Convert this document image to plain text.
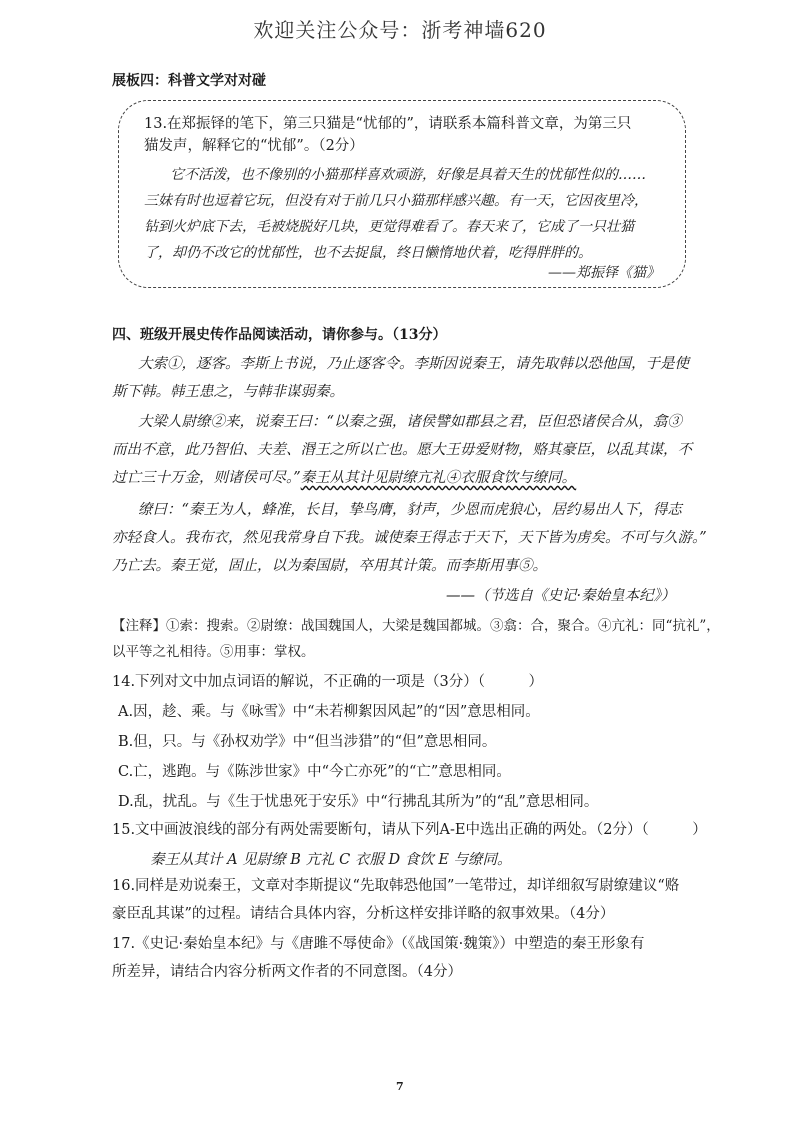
欢迎关注公众号：浙考神墙620
展板四：科普文学对对碰
13.在郑振铎的笔下，第三只猫是“忧郁的”，请联系本篇科普文章，为第三只
猫发声，解释它的“忧郁”。（2分）
它不活泼，也不像别的小猫那样喜欢顽游，好像是具着天生的忧郁性似的……
三妹有时也逗着它玩，但没有对于前几只小猫那样感兴趣。有一天，它因夜里冷，
钻到火炉底下去，毛被烧脱好几块，更觉得难看了。春天来了，它成了一只壮猫
了，却仍不改它的忧郁性，也不去捉鼠，终日懒惰地伏着，吃得胖胖的。
——郑振铎《猫》
四、班级开展史传作品阅读活动，请你参与。（13分）
大索①，逐客。李斯上书说，乃止逐客令。李斯因说秦王，请先取韩以恐他国，于是使
斯下韩。韩王患之，与韩非谋弱秦。
大梁人尉缭②来，说秦王曰：“以秦之强，诸侯譬如郡县之君，臣但恐诸侯合从，翕③
而出不意，此乃智伯、夫差、湣王之所以亡也。愿大王毋爱财物，赂其豪臣，以乱其谋，不
过亡三十万金，则诸侯可尽。”秦王从其计见尉缭亢礼④衣服食饮与缭同。
缭曰：“秦王为人，蜂准，长目，挚鸟膺，豺声，少恩而虎狼心，居约易出人下，得志
亦轻食人。我布衣，然见我常身自下我。诚使秦王得志于天下，天下皆为虏矣。不可与久游。”
乃亡去。秦王觉，固止，以为秦国尉，卒用其计策。而李斯用事⑤。
——（节选自《史记·秦始皇本纪》）
【注释】①索：搜索。②尉缭：战国魏国人，大梁是魏国都城。③翕：合，聚合。④亢礼：同“抗礼”，
以平等之礼相待。⑤用事：掌权。
14.下列对文中加点词语的解说，不正确的一项是（3分）（　　　）
A.因，趁、乘。与《咏雪》中“未若柳絮因风起”的“因”意思相同。
B.但，只。与《孙权劝学》中“但当涉猎”的“但”意思相同。
C.亡，逃跑。与《陈涉世家》中“今亡亦死”的“亡”意思相同。
D.乱，扰乱。与《生于忧患死于安乐》中“行拂乱其所为”的“乱”意思相同。
15.文中画波浪线的部分有两处需要断句，请从下列A-E中选出正确的两处。（2分）（　　　）
秦王从其计 A 见尉缭 B 亢礼 C 衣服 D 食饮 E 与缭同。
16.同样是劝说秦王，文章对李斯提议“先取韩恐他国”一笔带过，却详细叙写尉缭建议“赂
豪臣乱其谋”的过程。请结合具体内容，分析这样安排详略的叙事效果。（4分）
17.《史记·秦始皇本纪》与《唐雎不辱使命》（《战国策·魏策》）中塑造的秦王形象有
所差异，请结合内容分析两文作者的不同意图。（4分）
7
